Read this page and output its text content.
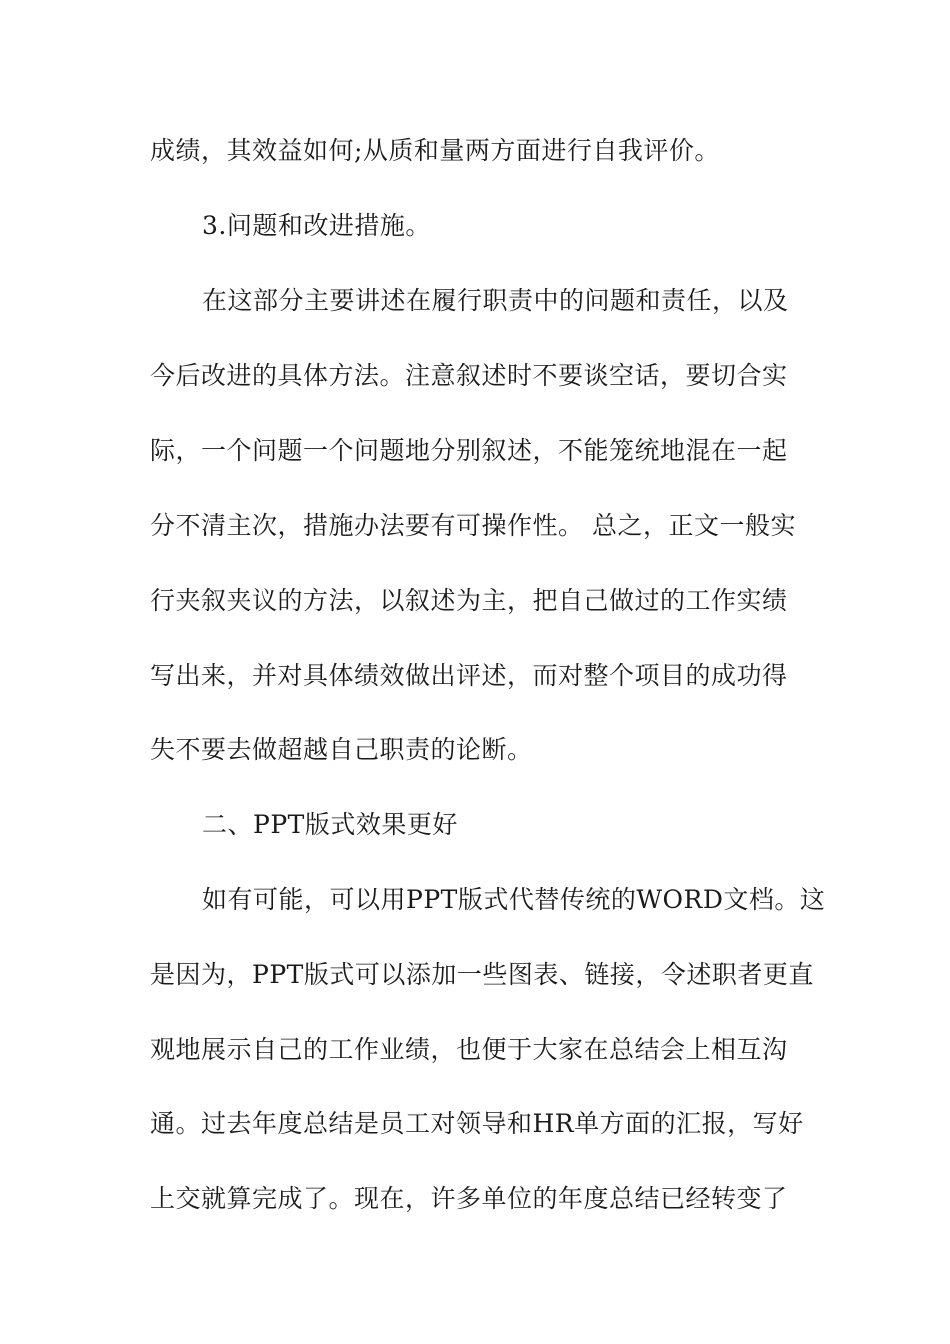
成绩，其效益如何;从质和量两方面进行自我评价。
3.问题和改进措施。
在这部分主要讲述在履行职责中的问题和责任，以及
今后改进的具体方法。注意叙述时不要谈空话，要切合实
际，一个问题一个问题地分别叙述，不能笼统地混在一起
分不清主次，措施办法要有可操作性。 总之，正文一般实
行夹叙夹议的方法，以叙述为主，把自己做过的工作实绩
写出来，并对具体绩效做出评述，而对整个项目的成功得
失不要去做超越自己职责的论断。
二、PPT版式效果更好
如有可能，可以用PPT版式代替传统的WORD文档。这
是因为，PPT版式可以添加一些图表、链接，令述职者更直
观地展示自己的工作业绩，也便于大家在总结会上相互沟
通。过去年度总结是员工对领导和HR单方面的汇报，写好
上交就算完成了。现在，许多单位的年度总结已经转变了
